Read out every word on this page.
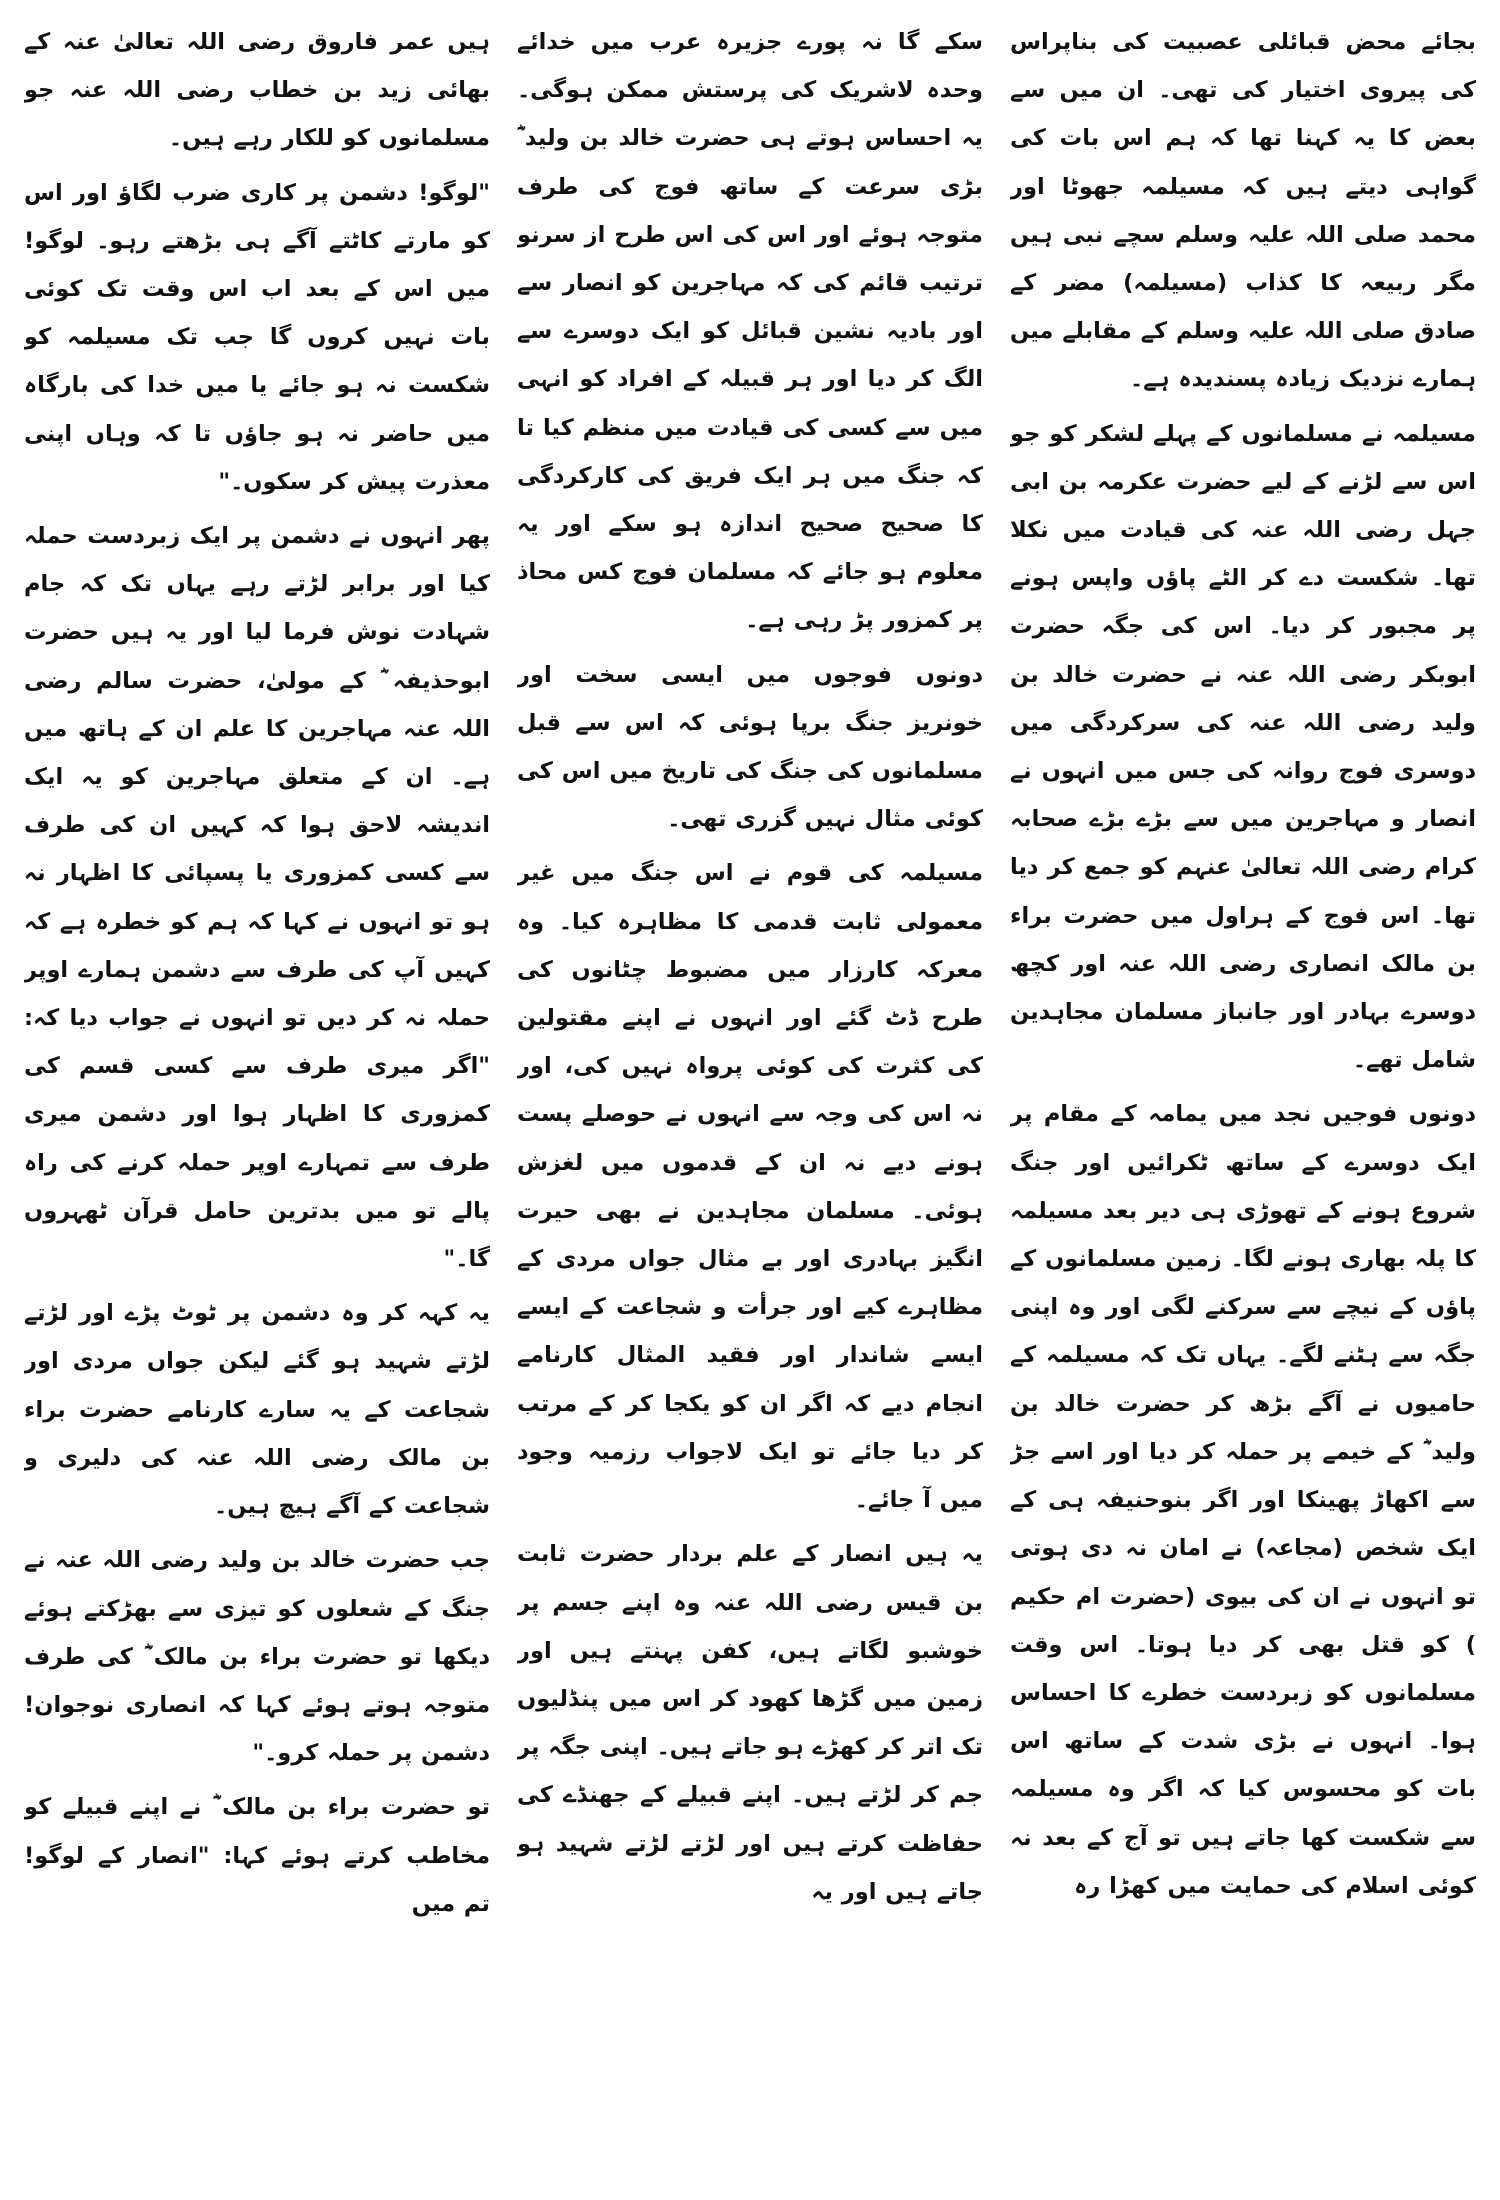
بجائے محض قبائلی عصبیت کی بناپراس کی پیروی اختیار کی تھی۔ ان میں سے بعض کا یہ کہنا تھا کہ ہم اس بات کی گواہی دیتے ہیں کہ مسیلمہ جھوٹا اور محمد صلی اللہ علیہ وسلم سچے نبی ہیں مگر ربیعہ کا کذاب (مسیلمہ) مضر کے صادق صلی اللہ علیہ وسلم کے مقابلے میں ہمارے نزدیک زیادہ پسندیدہ ہے۔

مسیلمہ نے مسلمانوں کے پہلے لشکر کو جو اس سے لڑنے کے لیے حضرت عکرمہ بن ابی جہل رضی اللہ عنہ کی قیادت میں نکلا تھا۔ شکست دے کر الٹے پاؤں واپس ہونے پر مجبور کر دیا۔ اس کی جگہ حضرت ابوبکر رضی اللہ عنہ نے حضرت خالد بن ولید رضی اللہ عنہ کی سرکردگی میں دوسری فوج روانہ کی جس میں انہوں نے انصار و مہاجرین میں سے بڑے بڑے صحابہ کرام رضی اللہ تعالیٰ عنہم کو جمع کر دیا تھا۔ اس فوج کے ہراول میں حضرت براء بن مالک انصاری رضی اللہ عنہ اور کچھ دوسرے بہادر اور جانباز مسلمان مجاہدین شامل تھے۔

دونوں فوجیں نجد میں یمامہ کے مقام پر ایک دوسرے کے ساتھ ٹکرائیں اور جنگ شروع ہونے کے تھوڑی ہی دیر بعد مسیلمہ کا پلہ بھاری ہونے لگا۔ زمین مسلمانوں کے پاؤں کے نیچے سے سرکنے لگی اور وہ اپنی جگہ سے ہٹنے لگے۔ یہاں تک کہ مسیلمہ کے حامیوں نے آگے بڑھ کر حضرت خالد بن ولید ؓ کے خیمے پر حملہ کر دیا اور اسے جڑ سے اکھاڑ پھینکا اور اگر بنوحنیفہ ہی کے ایک شخص (مجاعہ) نے امان نہ دی ہوتی تو انہوں نے ان کی بیوی (حضرت ام حکیم ؓ) کو قتل بھی کر دیا ہوتا۔ اس وقت مسلمانوں کو زبردست خطرے کا احساس ہوا۔ انہوں نے بڑی شدت کے ساتھ اس بات کو محسوس کیا کہ اگر وہ مسیلمہ سے شکست کھا جاتے ہیں تو آج کے بعد نہ کوئی اسلام کی حمایت میں کھڑا رہ

سکے گا نہ پورے جزیرہ عرب میں خدائے وحدہ لاشریک کی پرستش ممکن ہوگی۔ یہ احساس ہوتے ہی حضرت خالد بن ولید ؓ بڑی سرعت کے ساتھ فوج کی طرف متوجہ ہوئے اور اس کی اس طرح از سرنو ترتیب قائم کی کہ مہاجرین کو انصار سے اور بادیہ نشین قبائل کو ایک دوسرے سے الگ کر دیا اور ہر قبیلہ کے افراد کو انہی میں سے کسی کی قیادت میں منظم کیا تا کہ جنگ میں ہر ایک فریق کی کارکردگی کا صحیح صحیح اندازہ ہو سکے اور یہ معلوم ہو جائے کہ مسلمان فوج کس محاذ پر کمزور پڑ رہی ہے۔

دونوں فوجوں میں ایسی سخت اور خونریز جنگ برپا ہوئی کہ اس سے قبل مسلمانوں کی جنگ کی تاریخ میں اس کی کوئی مثال نہیں گزری تھی۔

مسیلمہ کی قوم نے اس جنگ میں غیر معمولی ثابت قدمی کا مظاہرہ کیا۔ وہ معرکہ کارزار میں مضبوط چٹانوں کی طرح ڈٹ گئے اور انہوں نے اپنے مقتولین کی کثرت کی کوئی پرواہ نہیں کی، اور نہ اس کی وجہ سے انہوں نے حوصلے پست ہونے دیے نہ ان کے قدموں میں لغزش ہوئی۔ مسلمان مجاہدین نے بھی حیرت انگیز بہادری اور بے مثال جواں مردی کے مظاہرے کیے اور جرأت و شجاعت کے ایسے ایسے شاندار اور فقید المثال کارنامے انجام دیے کہ اگر ان کو یکجا کر کے مرتب کر دیا جائے تو ایک لاجواب رزمیہ وجود میں آ جائے۔

یہ ہیں انصار کے علم بردار حضرت ثابت بن قیس رضی اللہ عنہ وہ اپنے جسم پر خوشبو لگاتے ہیں، کفن پہنتے ہیں اور زمین میں گڑھا کھود کر اس میں پنڈلیوں تک اتر کر کھڑے ہو جاتے ہیں۔ اپنی جگہ پر جم کر لڑتے ہیں۔ اپنے قبیلے کے جھنڈے کی حفاظت کرتے ہیں اور لڑتے لڑتے شہید ہو جاتے ہیں اور یہ

ہیں عمر فاروق رضی اللہ تعالیٰ عنہ کے بھائی زید بن خطاب رضی اللہ عنہ جو مسلمانوں کو للکار رہے ہیں۔

"لوگو! دشمن پر کاری ضرب لگاؤ اور اس کو مارتے کاٹتے آگے ہی بڑھتے رہو۔ لوگو! میں اس کے بعد اب اس وقت تک کوئی بات نہیں کروں گا جب تک مسیلمہ کو شکست نہ ہو جائے یا میں خدا کی بارگاہ میں حاضر نہ ہو جاؤں تا کہ وہاں اپنی معذرت پیش کر سکوں۔"

پھر انہوں نے دشمن پر ایک زبردست حملہ کیا اور برابر لڑتے رہے یہاں تک کہ جام شہادت نوش فرما لیا اور یہ ہیں حضرت ابوحذیفہ ؓ کے مولیٰ، حضرت سالم رضی اللہ عنہ مہاجرین کا علم ان کے ہاتھ میں ہے۔ ان کے متعلق مہاجرین کو یہ ایک اندیشہ لاحق ہوا کہ کہیں ان کی طرف سے کسی کمزوری یا پسپائی کا اظہار نہ ہو تو انہوں نے کہا کہ ہم کو خطرہ ہے کہ کہیں آپ کی طرف سے دشمن ہمارے اوپر حملہ نہ کر دیں تو انہوں نے جواب دیا کہ: "اگر میری طرف سے کسی قسم کی کمزوری کا اظہار ہوا اور دشمن میری طرف سے تمہارے اوپر حملہ کرنے کی راہ پالے تو میں بدترین حامل قرآن ٹھہروں گا۔"

یہ کہہ کر وہ دشمن پر ٹوٹ پڑے اور لڑتے لڑتے شہید ہو گئے لیکن جواں مردی اور شجاعت کے یہ سارے کارنامے حضرت براء بن مالک رضی اللہ عنہ کی دلیری و شجاعت کے آگے ہیچ ہیں۔

جب حضرت خالد بن ولید رضی اللہ عنہ نے جنگ کے شعلوں کو تیزی سے بھڑکتے ہوئے دیکھا تو حضرت براء بن مالک ؓ کی طرف متوجہ ہوتے ہوئے کہا کہ انصاری نوجوان! دشمن پر حملہ کرو۔"

تو حضرت براء بن مالک ؓ نے اپنے قبیلے کو مخاطب کرتے ہوئے کہا: "انصار کے لوگو! تم میں
